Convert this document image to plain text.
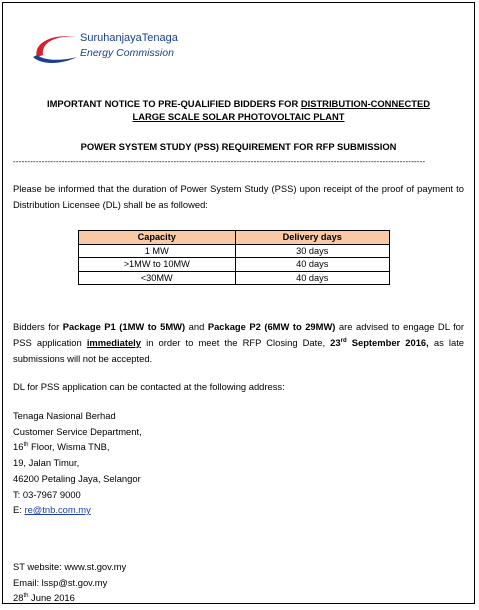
SuruhanjayaTenaga
Energy Commission
IMPORTANT NOTICE TO PRE-QUALIFIED BIDDERS FOR DISTRIBUTION-CONNECTED
LARGE SCALE SOLAR PHOTOVOLTAIC PLANT
POWER SYSTEM STUDY (PSS) REQUIREMENT FOR RFP SUBMISSION
------------------------------------------------------------------------------------------------------------------------------------------------
Please be informed that the duration of Power System Study (PSS) upon receipt of the proof of payment to Distribution Licensee (DL) shall be as followed:
Capacity	Delivery days
1 MW	30 days
>1MW to 10MW	40 days
<30MW	40 days
Bidders for Package P1 (1MW to 5MW) and Package P2 (6MW to 29MW) are advised to engage DL for PSS application immediately in order to meet the RFP Closing Date, 23rd September 2016, as late submissions will not be accepted.
DL for PSS application can be contacted at the following address:
Tenaga Nasional Berhad
Customer Service Department,
16th Floor, Wisma TNB,
19, Jalan Timur,
46200 Petaling Jaya, Selangor
T: 03-7967 9000
E: re@tnb.com.my
ST website: www.st.gov.my
Email: lssp@st.gov.my
28th June 2016
